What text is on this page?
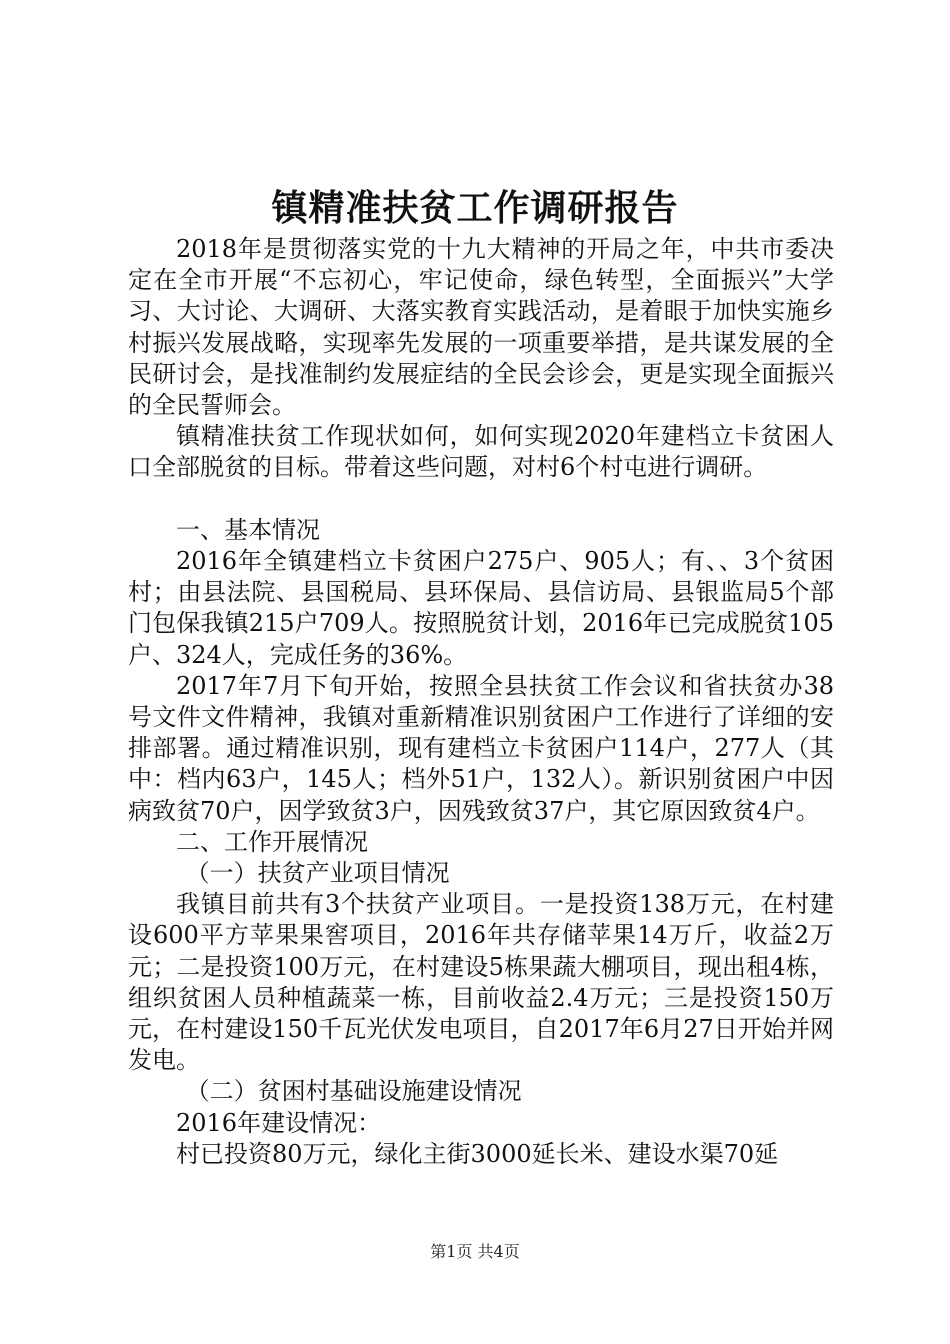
镇精准扶贫工作调研报告

2018年是贯彻落实党的十九大精神的开局之年，中共市委决定在全市开展“不忘初心，牢记使命，绿色转型，全面振兴”大学习、大讨论、大调研、大落实教育实践活动，是着眼于加快实施乡村振兴发展战略，实现率先发展的一项重要举措，是共谋发展的全民研讨会，是找准制约发展症结的全民会诊会，更是实现全面振兴的全民誓师会。

镇精准扶贫工作现状如何，如何实现2020年建档立卡贫困人口全部脱贫的目标。带着这些问题，对村6个村屯进行调研。

一、基本情况

2016年全镇建档立卡贫困户275户、905人；有、、3个贫困村；由县法院、县国税局、县环保局、县信访局、县银监局5个部门包保我镇215户709人。按照脱贫计划，2016年已完成脱贫105户、324人，完成任务的36%。

2017年7月下旬开始，按照全县扶贫工作会议和省扶贫办38号文件文件精神，我镇对重新精准识别贫困户工作进行了详细的安排部署。通过精准识别，现有建档立卡贫困户114户，277人（其中：档内63户，145人；档外51户，132人）。新识别贫困户中因病致贫70户，因学致贫3户，因残致贫37户，其它原因致贫4户。

二、工作开展情况

（一）扶贫产业项目情况

我镇目前共有3个扶贫产业项目。一是投资138万元，在村建设600平方苹果果窖项目，2016年共存储苹果14万斤，收益2万元；二是投资100万元，在村建设5栋果蔬大棚项目，现出租4栋，组织贫困人员种植蔬菜一栋，目前收益2.4万元；三是投资150万元，在村建设150千瓦光伏发电项目，自2017年6月27日开始并网发电。

（二）贫困村基础设施建设情况

2016年建设情况：

村已投资80万元，绿化主街3000延长米、建设水渠70延

第1页 共4页
